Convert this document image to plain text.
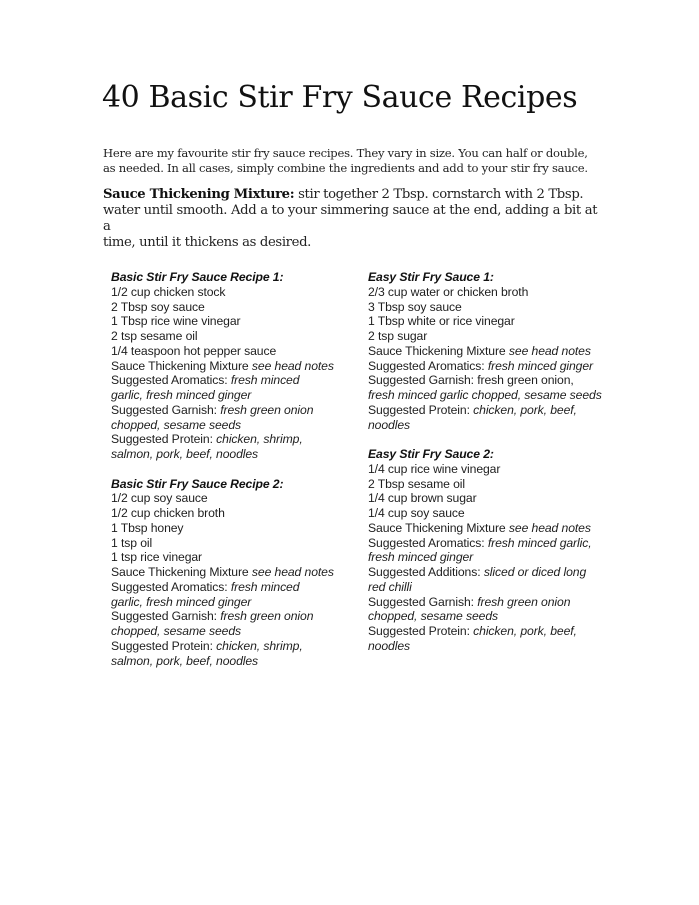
40 Basic Stir Fry Sauce Recipes
Here are my favourite stir fry sauce recipes. They vary in size. You can half or double,
as needed. In all cases, simply combine the ingredients and add to your stir fry sauce.
Sauce Thickening Mixture: stir together 2 Tbsp. cornstarch with 2 Tbsp.
water until smooth. Add a to your simmering sauce at the end, adding a bit at a
time, until it thickens as desired.

Basic Stir Fry Sauce Recipe 1:

1/2 cup chicken stock

2 Tbsp soy sauce

1 Tbsp rice wine vinegar

2 tsp sesame oil

1/4 teaspoon hot pepper sauce

Sauce Thickening Mixture see head notes

Suggested Aromatics: fresh minced

garlic, fresh minced ginger

Suggested Garnish: fresh green onion

chopped, sesame seeds

Suggested Protein: chicken, shrimp,

salmon, pork, beef, noodles

Basic Stir Fry Sauce Recipe 2:

1/2 cup soy sauce

1/2 cup chicken broth

1 Tbsp honey

1 tsp oil

1 tsp rice vinegar

Sauce Thickening Mixture see head notes

Suggested Aromatics: fresh minced

garlic, fresh minced ginger

Suggested Garnish: fresh green onion

chopped, sesame seeds

Suggested Protein: chicken, shrimp,

salmon, pork, beef, noodles

Easy Stir Fry Sauce 1:

2/3 cup water or chicken broth

3 Tbsp soy sauce

1 Tbsp white or rice vinegar

2 tsp sugar

Sauce Thickening Mixture see head notes

Suggested Aromatics: fresh minced ginger

Suggested Garnish: fresh green onion,

fresh minced garlic chopped, sesame seeds

Suggested Protein: chicken, pork, beef,

noodles

Easy Stir Fry Sauce 2:

1/4 cup rice wine vinegar

2 Tbsp sesame oil

1/4 cup brown sugar

1/4 cup soy sauce

Sauce Thickening Mixture see head notes

Suggested Aromatics: fresh minced garlic,

fresh minced ginger

Suggested Additions: sliced or diced long

red chilli

Suggested Garnish: fresh green onion

chopped, sesame seeds

Suggested Protein: chicken, pork, beef,

noodles
